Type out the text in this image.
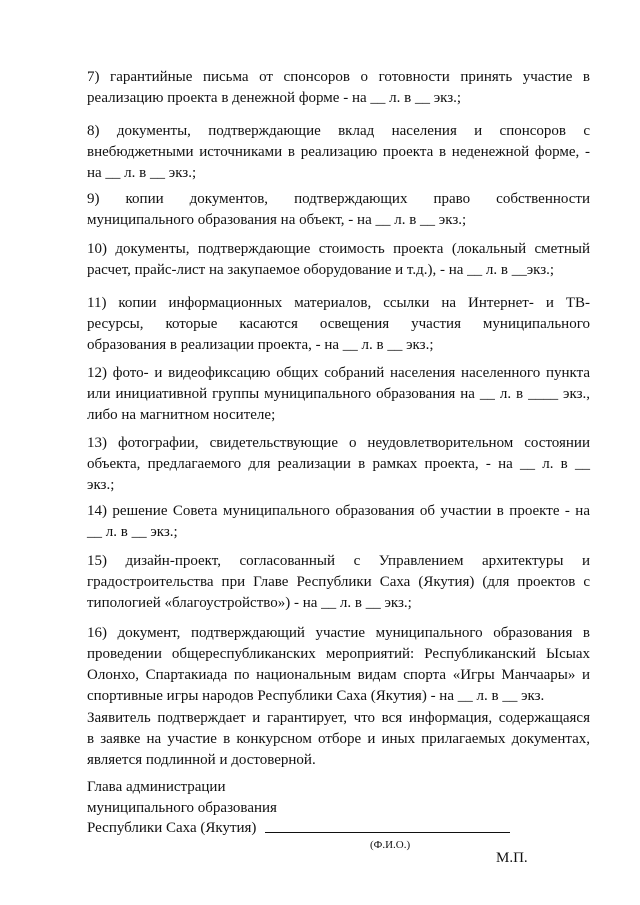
7) гарантийные письма от спонсоров о готовности принять участие в
реализацию проекта в денежной форме - на __ л. в __ экз.;
8) документы, подтверждающие вклад населения и спонсоров с
внебюджетными источниками в реализацию проекта в неденежной форме, -
на __ л. в __ экз.;
9) копии документов, подтверждающих право собственности
муниципального образования на объект, - на __ л. в __ экз.;
10) документы, подтверждающие стоимость проекта (локальный сметный
расчет, прайс-лист на закупаемое оборудование и т.д.), - на __ л. в __экз.;
11) копии информационных материалов, ссылки на Интернет- и ТВ-
ресурсы, которые касаются освещения участия муниципального
образования в реализации проекта, - на __ л. в __ экз.;
12) фото- и видеофиксацию общих собраний населения населенного пункта
или инициативной группы муниципального образования на __ л. в ____ экз.,
либо на магнитном носителе;
13) фотографии, свидетельствующие о неудовлетворительном состоянии
объекта, предлагаемого для реализации в рамках проекта, - на __ л. в __
экз.;
14) решение Совета муниципального образования об участии в проекте - на
__ л. в __ экз.;
15) дизайн-проект, согласованный с Управлением архитектуры и
градостроительства при Главе Республики Саха (Якутия) (для проектов с
типологией «благоустройство») - на __ л. в __ экз.;
16) документ, подтверждающий участие муниципального образования в
проведении общереспубликанских мероприятий: Республиканский Ысыах
Олонхо, Спартакиада по национальным видам спорта «Игры Манчаары» и
спортивные игры народов Республики Саха (Якутия) - на __ л. в __ экз.
Заявитель подтверждает и гарантирует, что вся информация, содержащаяся
в заявке на участие в конкурсном отборе и иных прилагаемых документах,
является подлинной и достоверной.
Глава администрации
муниципального образования
Республики Саха (Якутия)
(Ф.И.О.)
М.П.
